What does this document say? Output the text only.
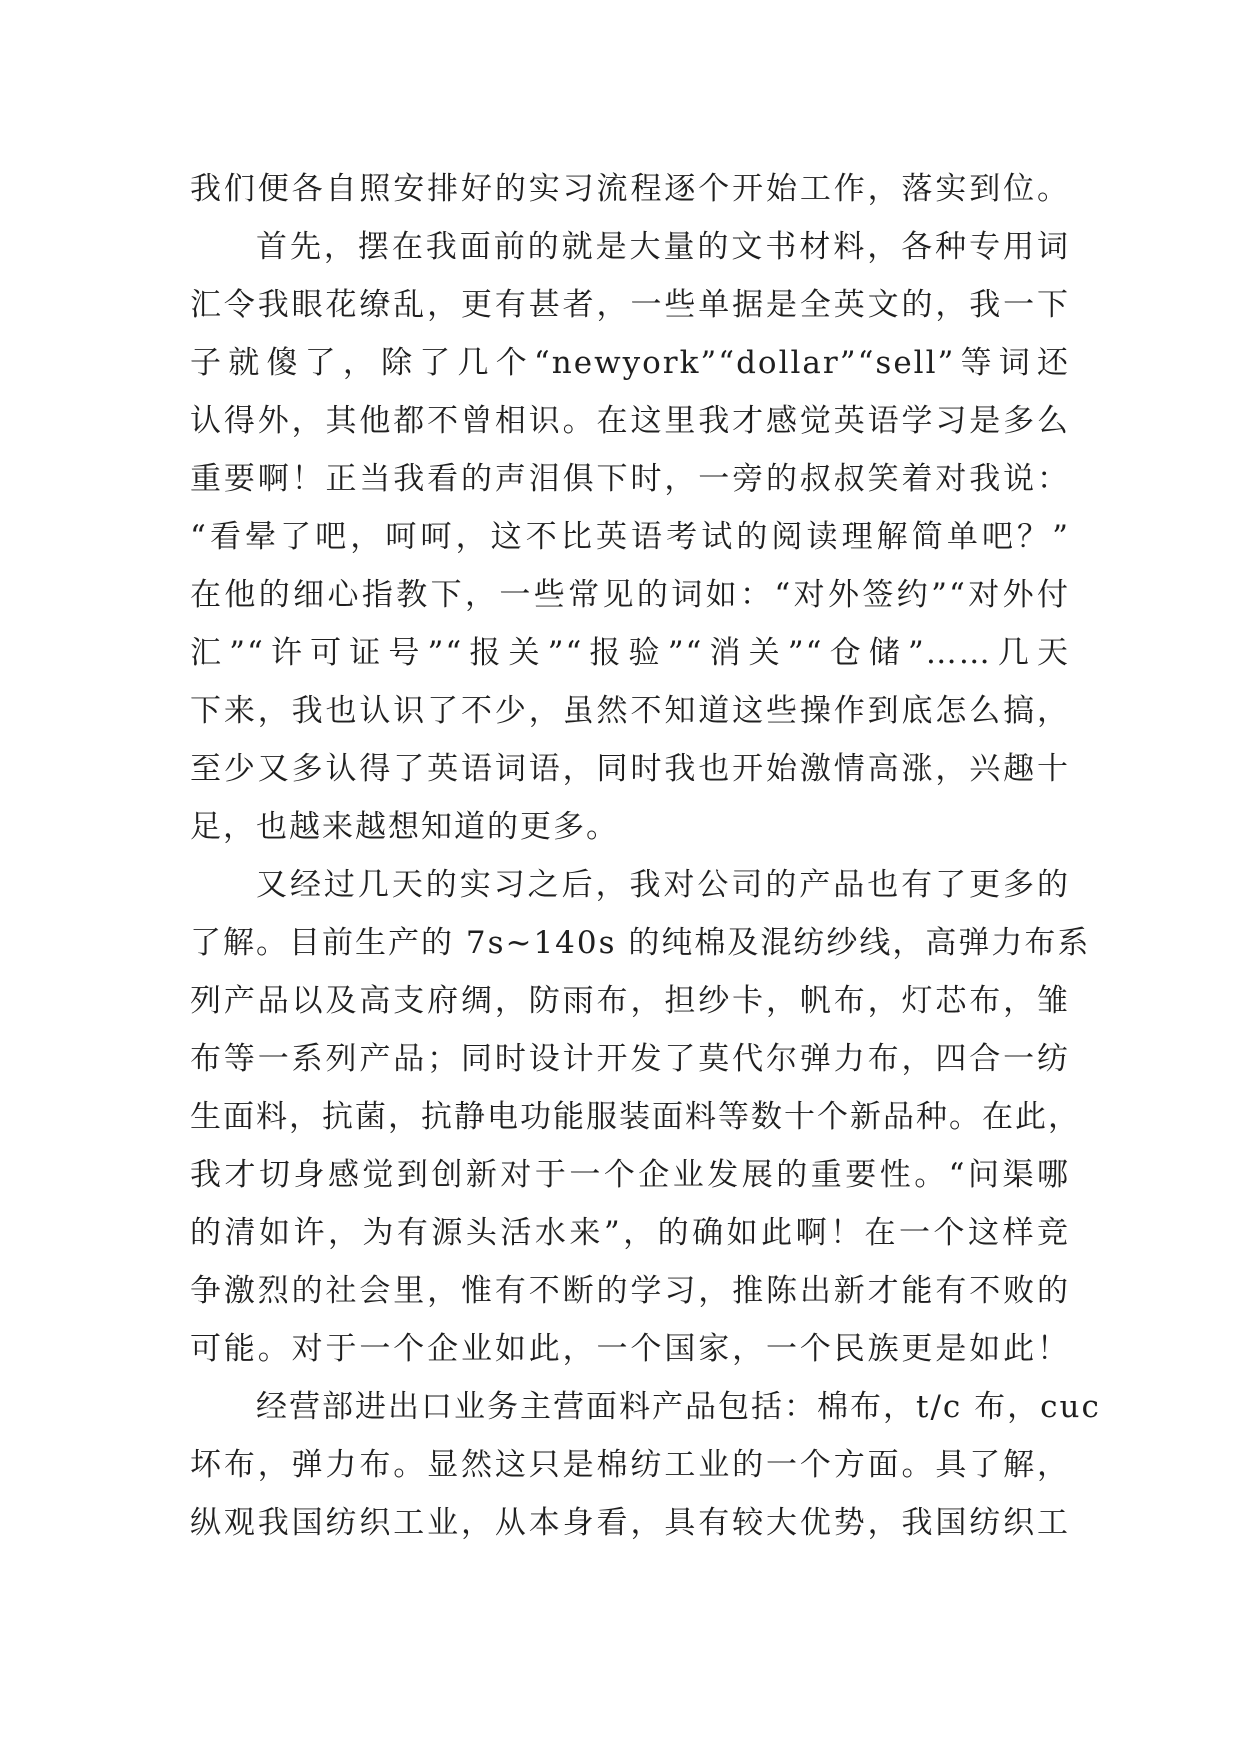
我们便各自照安排好的实习流程逐个开始工作，落实到位。
首先，摆在我面前的就是大量的文书材料，各种专用词
汇令我眼花缭乱，更有甚者，一些单据是全英文的，我一下
子就傻了，除了几个“newyork”“dollar”“sell”等词还
认得外，其他都不曾相识。在这里我才感觉英语学习是多么
重要啊！正当我看的声泪俱下时，一旁的叔叔笑着对我说：
“看晕了吧，呵呵，这不比英语考试的阅读理解简单吧？”
在他的细心指教下，一些常见的词如：“对外签约”“对外付
汇”“许可证号”“报关”“报验”“消关”“仓储”……几天
下来，我也认识了不少，虽然不知道这些操作到底怎么搞，
至少又多认得了英语词语，同时我也开始激情高涨，兴趣十
足，也越来越想知道的更多。
又经过几天的实习之后，我对公司的产品也有了更多的
了解。目前生产的 7s~140s 的纯棉及混纺纱线，高弹力布系
列产品以及高支府绸，防雨布，担纱卡，帆布，灯芯布，雏
布等一系列产品；同时设计开发了莫代尔弹力布，四合一纺
生面料，抗菌，抗静电功能服装面料等数十个新品种。在此，
我才切身感觉到创新对于一个企业发展的重要性。“问渠哪
的清如许，为有源头活水来”，的确如此啊！在一个这样竞
争激烈的社会里，惟有不断的学习，推陈出新才能有不败的
可能。对于一个企业如此，一个国家，一个民族更是如此！
经营部进出口业务主营面料产品包括：棉布，t/c 布，cuc
坏布，弹力布。显然这只是棉纺工业的一个方面。具了解，
纵观我国纺织工业，从本身看，具有较大优势，我国纺织工
